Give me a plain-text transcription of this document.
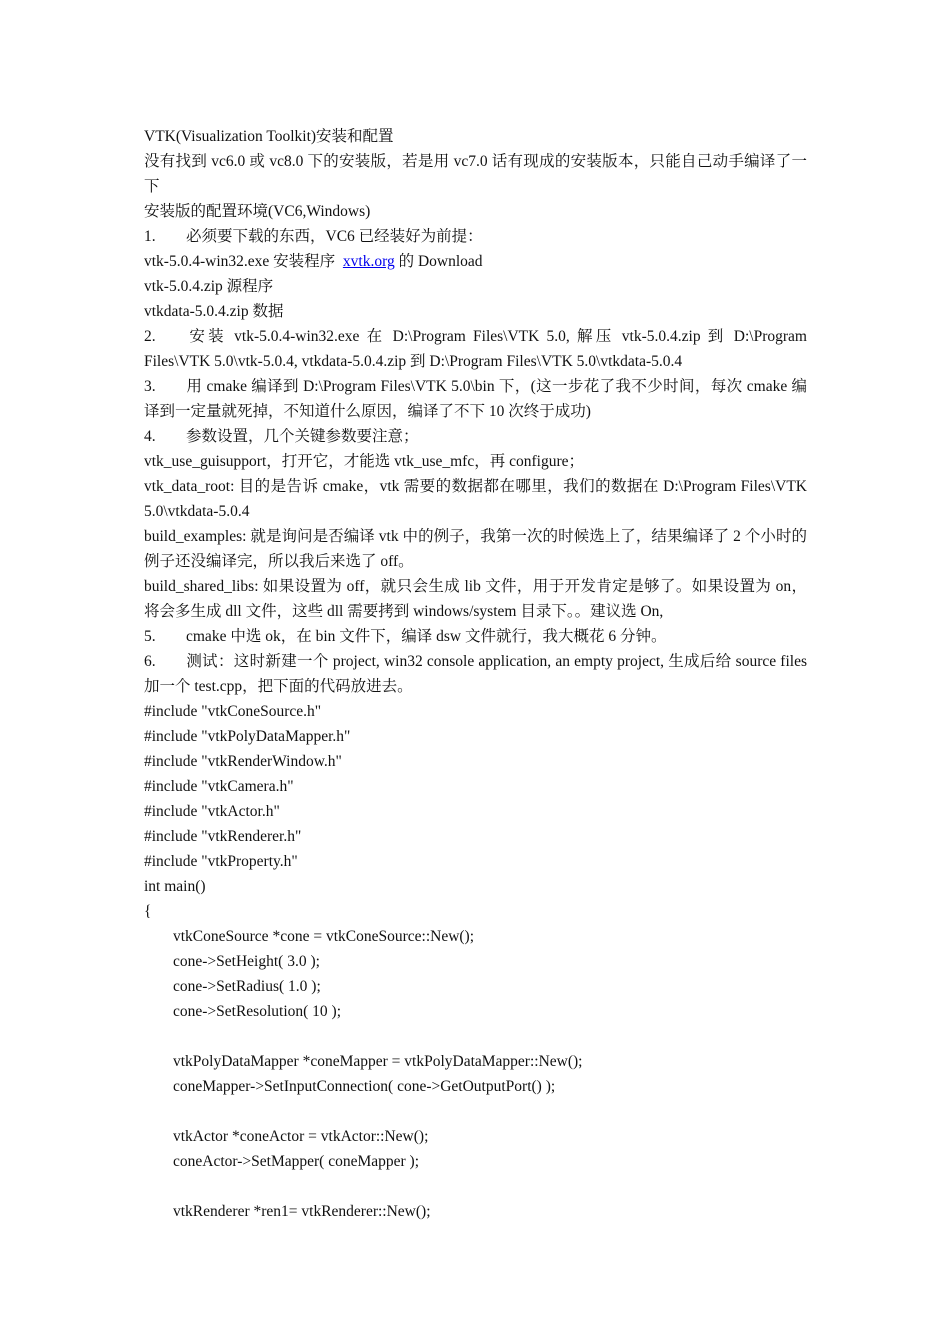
VTK(Visualization Toolkit)安装和配置
没有找到 vc6.0 或 vc8.0 下的安装版，若是用 vc7.0 话有现成的安装版本，只能自己动手编译了一下
安装版的配置环境(VC6,Windows)
1. 必须要下载的东西，VC6 已经装好为前提：
vtk-5.0.4-win32.exe 安装程序 xvtk.org 的 Download
vtk-5.0.4.zip 源程序
vtkdata-5.0.4.zip 数据
2. 安装 vtk-5.0.4-win32.exe 在 D:\Program Files\VTK 5.0, 解压 vtk-5.0.4.zip 到 D:\Program Files\VTK 5.0\vtk-5.0.4, vtkdata-5.0.4.zip 到 D:\Program Files\VTK 5.0\vtkdata-5.0.4
3. 用 cmake 编译到 D:\Program Files\VTK 5.0\bin 下，(这一步花了我不少时间，每次 cmake 编译到一定量就死掉，不知道什么原因，编译了不下 10 次终于成功)
4. 参数设置，几个关键参数要注意；
vtk_use_guisupport，打开它，才能选 vtk_use_mfc，再 configure；
vtk_data_root: 目的是告诉 cmake，vtk 需要的数据都在哪里，我们的数据在 D:\Program Files\VTK 5.0\vtkdata-5.0.4
build_examples: 就是询问是否编译 vtk 中的例子，我第一次的时候选上了，结果编译了 2 个小时的例子还没编译完，所以我后来选了 off。
build_shared_libs: 如果设置为 off，就只会生成 lib 文件，用于开发肯定是够了。如果设置为 on，将会多生成 dll 文件，这些 dll 需要拷到 windows/system 目录下。。建议选 On,
5. cmake 中选 ok，在 bin 文件下，编译 dsw 文件就行，我大概花 6 分钟。
6. 测试：这时新建一个 project, win32 console application, an empty project, 生成后给 source files 加一个 test.cpp，把下面的代码放进去。
#include "vtkConeSource.h"
#include "vtkPolyDataMapper.h"
#include "vtkRenderWindow.h"
#include "vtkCamera.h"
#include "vtkActor.h"
#include "vtkRenderer.h"
#include "vtkProperty.h"
int main()
{
vtkConeSource *cone = vtkConeSource::New();
cone->SetHeight( 3.0 );
cone->SetRadius( 1.0 );
cone->SetResolution( 10 );
vtkPolyDataMapper *coneMapper = vtkPolyDataMapper::New();
coneMapper->SetInputConnection( cone->GetOutputPort() );
vtkActor *coneActor = vtkActor::New();
coneActor->SetMapper( coneMapper );
vtkRenderer *ren1= vtkRenderer::New();
